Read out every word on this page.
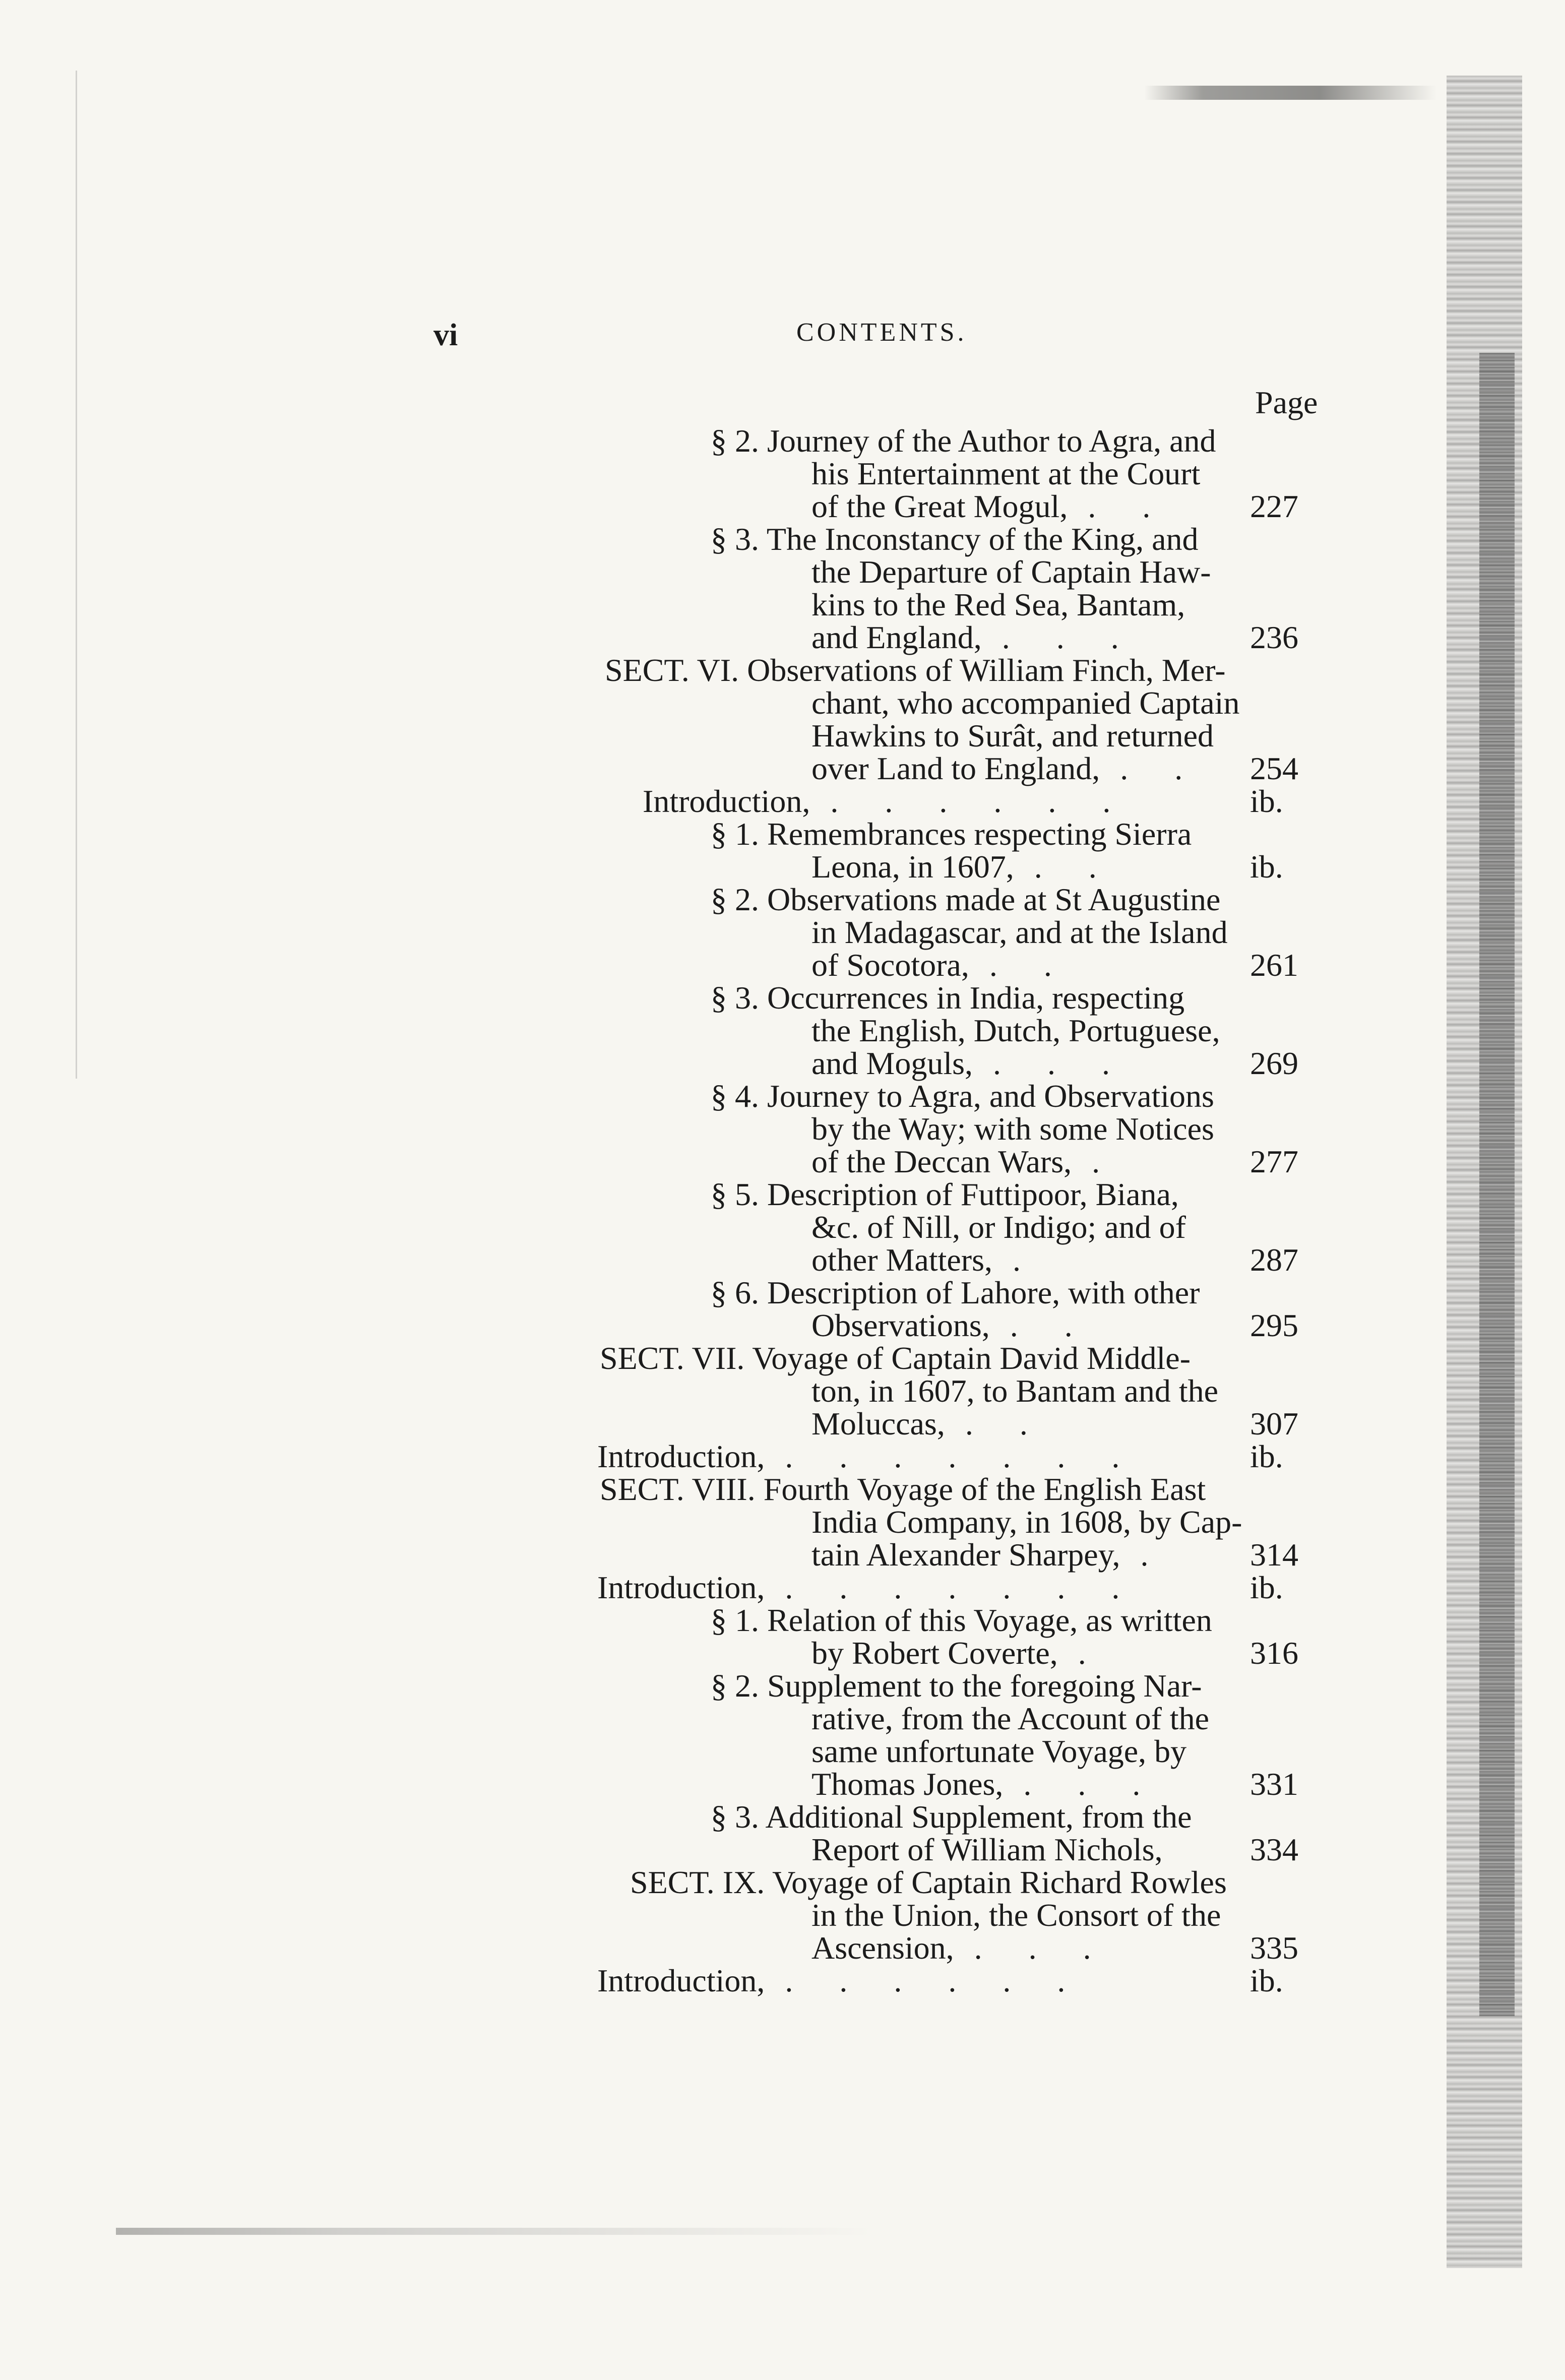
vi	CONTENTS.
Page
§ 2. Journey of the Author to Agra, and
his Entertainment at the Court
of the Great Mogul, . . 227
§ 3. The Inconstancy of the King, and
the Departure of Captain Haw-
kins to the Red Sea, Bantam,
and England, . . .	236
SECT. VI. Observations of William Finch, Mer-
chant, who accompanied Captain
Hawkins to Surât, and returned
over Land to England, . . 254
Introduction, . . . . . .	ib.
§ 1. Remembrances respecting Sierra
Leona, in 1607, . .	ib.
§ 2. Observations made at St Augustine
in Madagascar, and at the Island
of Socotora, . .	261
§ 3. Occurrences in India, respecting
the English, Dutch, Portuguese,
and Moguls, . . .	269
§ 4. Journey to Agra, and Observations
by the Way; with some Notices
of the Deccan Wars, .	277
§ 5. Description of Futtipoor, Biana,
&c. of Nill, or Indigo; and of
other Matters, .	287
§ 6. Description of Lahore, with other
Observations, . .	295
SECT. VII. Voyage of Captain David Middle-
ton, in 1607, to Bantam and the
Moluccas, . .	307
Introduction, . . . . . . .	ib.
SECT. VIII. Fourth Voyage of the English East
India Company, in 1608, by Cap-
tain Alexander Sharpey, .	314
Introduction, . . . . . . .	ib.
§ 1. Relation of this Voyage, as written
by Robert Coverte, .	316
§ 2. Supplement to the foregoing Nar-
rative, from the Account of the
same unfortunate Voyage, by
Thomas Jones, . . .	331
§ 3. Additional Supplement, from the
Report of William Nichols,	334
SECT. IX. Voyage of Captain Richard Rowles
in the Union, the Consort of the
Ascension, . . .	335
Introduction, . . . . . .	ib.
